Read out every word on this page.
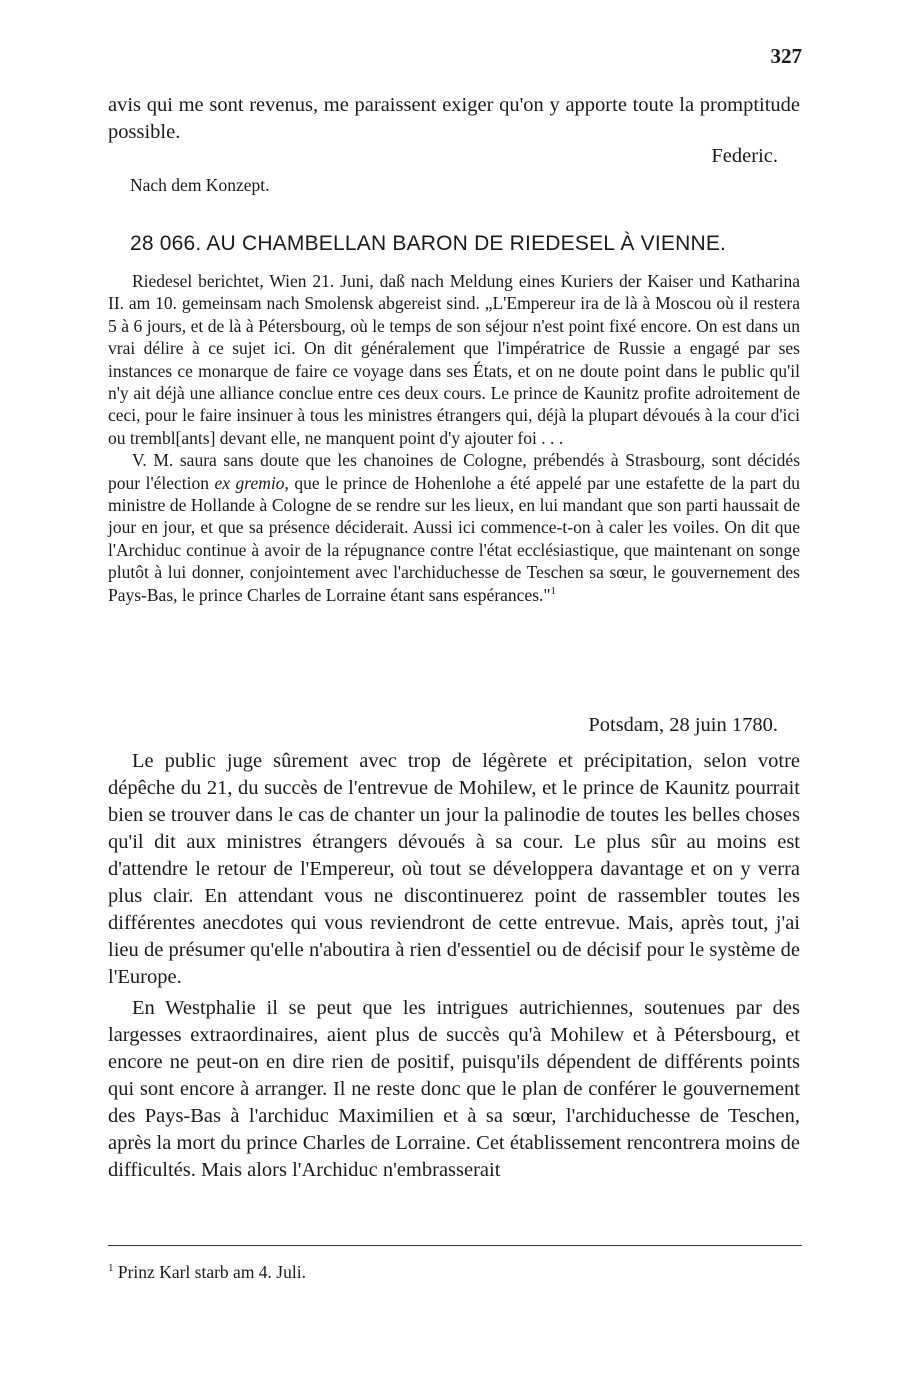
327

avis qui me sont revenus, me paraissent exiger qu'on y apporte toute la promptitude possible.

Federic.
Nach dem Konzept.
28 066. AU CHAMBELLAN BARON DE RIEDESEL À VIENNE.

Riedesel berichtet, Wien 21. Juni, daß nach Meldung eines Kuriers der Kaiser und Katharina II. am 10. gemeinsam nach Smolensk abgereist sind. „L'Empereur ira de là à Moscou où il restera 5 à 6 jours, et de là à Pétersbourg, où le temps de son séjour n'est point fixé encore. On est dans un vrai délire à ce sujet ici. On dit généralement que l'impératrice de Russie a engagé par ses instances ce monarque de faire ce voyage dans ses États, et on ne doute point dans le public qu'il n'y ait déjà une alliance conclue entre ces deux cours. Le prince de Kaunitz profite adroitement de ceci, pour le faire insinuer à tous les ministres étrangers qui, déjà la plupart dévoués à la cour d'ici ou trembl[ants] devant elle, ne manquent point d'y ajouter foi . . .

V. M. saura sans doute que les chanoines de Cologne, prébendés à Strasbourg, sont décidés pour l'élection ex gremio, que le prince de Hohenlohe a été appelé par une estafette de la part du ministre de Hollande à Cologne de se rendre sur les lieux, en lui mandant que son parti haussait de jour en jour, et que sa présence déciderait. Aussi ici commence-t-on à caler les voiles. On dit que l'Archiduc continue à avoir de la répugnance contre l'état ecclésiastique, que maintenant on songe plutôt à lui donner, conjointement avec l'archiduchesse de Teschen sa sœur, le gouvernement des Pays-Bas, le prince Charles de Lorraine étant sans espérances."$^1$

Potsdam, 28 juin 1780.

Le public juge sûrement avec trop de légèrete et précipitation, selon votre dépêche du 21, du succès de l'entrevue de Mohilew, et le prince de Kaunitz pourrait bien se trouver dans le cas de chanter un jour la palinodie de toutes les belles choses qu'il dit aux ministres étrangers dévoués à sa cour. Le plus sûr au moins est d'attendre le retour de l'Empereur, où tout se développera davantage et on y verra plus clair. En attendant vous ne discontinuerez point de rassembler toutes les différentes anecdotes qui vous reviendront de cette entrevue. Mais, après tout, j'ai lieu de présumer qu'elle n'aboutira à rien d'essentiel ou de décisif pour le système de l'Europe.

En Westphalie il se peut que les intrigues autrichiennes, soutenues par des largesses extraordinaires, aient plus de succès qu'à Mohilew et à Pétersbourg, et encore ne peut-on en dire rien de positif, puisqu'ils dépendent de différents points qui sont encore à arranger. Il ne reste donc que le plan de conférer le gouvernement des Pays-Bas à l'archiduc Maximilien et à sa sœur, l'archiduchesse de Teschen, après la mort du prince Charles de Lorraine. Cet établissement rencontrera moins de difficultés. Mais alors l'Archiduc n'embrasserait

$^1$ Prinz Karl starb am 4. Juli.
